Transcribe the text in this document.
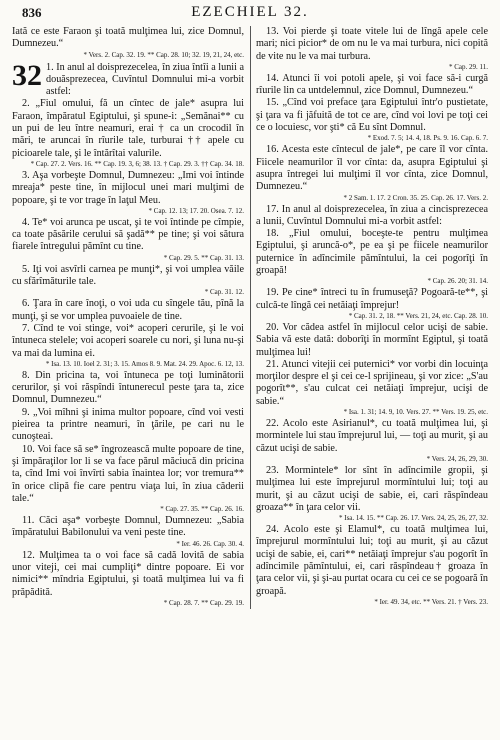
836	EZECHIEL 32.

Iată ce este Faraon şi toată mulţimea lui, zice Domnul, Dumnezeu.“

* Vers. 2. Cap. 32. 19. ** Cap. 28. 10; 32. 19, 21, 24, etc.
32 1. In anul al doisprezecelea, în ziua întîi a lunii a douăsprezecea, Cuvîntul Domnului mi-a vorbit astfel:

2. „Fiul omului, fă un cîntec de jale* asupra lui Faraon, împăratul Egiptului, şi spune-i: „Semănai** cu un pui de leu între neamuri, erai † ca un crocodil în mări, te aruncai în rîurile tale, turburai †† apele cu picioarele tale, şi le întărîtai valurile.

* Cap. 27. 2. Vers. 16. ** Cap. 19. 3, 6; 38. 13. † Cap. 29. 3. †† Cap. 34. 18.

3. Aşa vorbeşte Domnul, Dumnezeu: „Imi voi întinde mreaja* peste tine, în mijlocul unei mari mulţimi de popoare, şi te vor trage în laţul Meu.

* Cap. 12. 13; 17. 20. Osea. 7. 12.

4. Te* voi arunca pe uscat, şi te voi întinde pe cîmpie, ca toate păsările cerului să şadă** pe tine; şi voi sătura fiarele întregului pămînt cu tine.

* Cap. 29. 5. ** Cap. 31. 13.

5. Iţi voi asvîrli carnea pe munţi*, şi voi umplea văile cu sfărîmăturile tale.

* Cap. 31. 12.

6. Ţara în care înoţi, o voi uda cu sîngele tău, pînă la munţi, şi se vor umplea puvoaiele de tine.

7. Cînd te voi stinge, voi* acoperi cerurile, şi le voi întuneca stelele; voi acoperi soarele cu nori, şi luna nu-şi va mai da lumina ei.

* Isa. 13. 10. Ioel 2. 31; 3. 15. Amos 8. 9. Mat. 24. 29. Apoc. 6. 12, 13.

8. Din pricina ta, voi întuneca pe toţi luminătorii cerurilor, şi voi răspîndi întunerecul peste ţara ta, zice Domnul, Dumnezeu.“

9. „Voi mîhni şi inima multor popoare, cînd voi vesti pieirea ta printre neamuri, în ţările, pe cari nu le cunoşteai.

10. Voi face să se* îngrozească multe popoare de tine, şi împăraţilor lor li se va face părul măciucă din pricina ta, cînd Imi voi învîrti sabia înaintea lor; vor tremura** în orice clipă fie care pentru viaţa lui, în ziua căderii tale.“

* Cap. 27. 35. ** Cap. 26. 16.

11. Căci aşa* vorbeşte Domnul, Dumnezeu: „Sabia împăratului Babilonului va veni peste tine.

* Ier. 46. 26. Cap. 30. 4.

12. Mulţimea ta o voi face să cadă lovită de sabia unor viteji, cei mai cumpliţi* dintre popoare. Ei vor nimici** mîndria Egiptului, şi toată mulţimea lui va fi prăpădită.

* Cap. 28. 7. ** Cap. 29. 19.

13. Voi pierde şi toate vitele lui de lîngă apele cele mari; nici picior* de om nu le va mai turbura, nici copită de vite nu le va mai turbura.

* Cap. 29. 11.

14. Atunci îi voi potoli apele, şi voi face să-i curgă rîurile lin ca untdelemnul, zice Domnul, Dumnezeu.“

15. „Cînd voi preface ţara Egiptului într'o pustietate, şi ţara va fi jăfuită de tot ce are, cînd voi lovi pe toţi cei ce o locuiesc, vor şti* că Eu sînt Domnul.

* Exod. 7. 5; 14. 4, 18. Ps. 9. 16. Cap. 6. 7.

16. Acesta este cîntecul de jale*, pe care îl vor cînta. Fiicele neamurilor îl vor cînta: da, asupra Egiptului şi asupra întregei lui mulţimi îl vor cînta, zice Domnul, Dumnezeu.“

* 2 Sam. 1. 17. 2 Cron. 35. 25. Cap. 26. 17. Vers. 2.

17. In anul al doisprezecelea, în ziua a cincisprezecea a lunii, Cuvîntul Domnului mi-a vorbit astfel:

18. „Fiul omului, boceşte-te pentru mulţimea Egiptului, şi aruncă-o*, pe ea şi pe fiicele neamurilor puternice în adîncimile pămîntului, la cei pogorîţi în groapă!

* Cap. 26. 20; 31. 14.

19. Pe cine* întreci tu în frumuseţă? Pogoară-te**, şi culcă-te lîngă cei netăiaţi împrejur!

* Cap. 31. 2, 18. ** Vers. 21, 24, etc. Cap. 28. 10.

20. Vor cădea astfel în mijlocul celor ucişi de sabie. Sabia vă este dată: doborîţi în mormînt Egiptul, şi toată mulţimea lui!

21. Atunci vitejii cei puternici* vor vorbi din locuinţa morţilor despre el şi cei ce-l sprijineau, şi vor zice: „S'au pogorît**, s'au culcat cei netăiaţi împrejur, ucişi de sabie.“

* Isa. 1. 31; 14. 9, 10. Vers. 27. ** Vers. 19. 25, etc.

22. Acolo este Asirianul*, cu toată mulţimea lui, şi mormintele lui stau împrejurul lui, — toţi au murit, şi au căzut ucişi de sabie.

* Vers. 24, 26, 29, 30.

23. Mormintele* lor sînt în adîncimile gropii, şi mulţimea lui este împrejurul mormîntului lui; toţi au murit, şi au căzut ucişi de sabie, ei, cari răspîndeau groaza** în ţara celor vii.

* Isa. 14. 15. ** Cap. 26. 17. Vers. 24, 25, 26, 27, 32.

24. Acolo este şi Elamul*, cu toată mulţimea lui, împrejurul mormîntului lui; toţi au murit, şi au căzut ucişi de sabie, ei, cari** netăiaţi împrejur s'au pogorît în adîncimile pămîntului, ei, cari răspîndeau† groaza în ţara celor vii, şi şi-au purtat ocara cu cei ce se pogoară în groapă.

* Ier. 49. 34, etc. ** Vers. 21. † Vers. 23.
